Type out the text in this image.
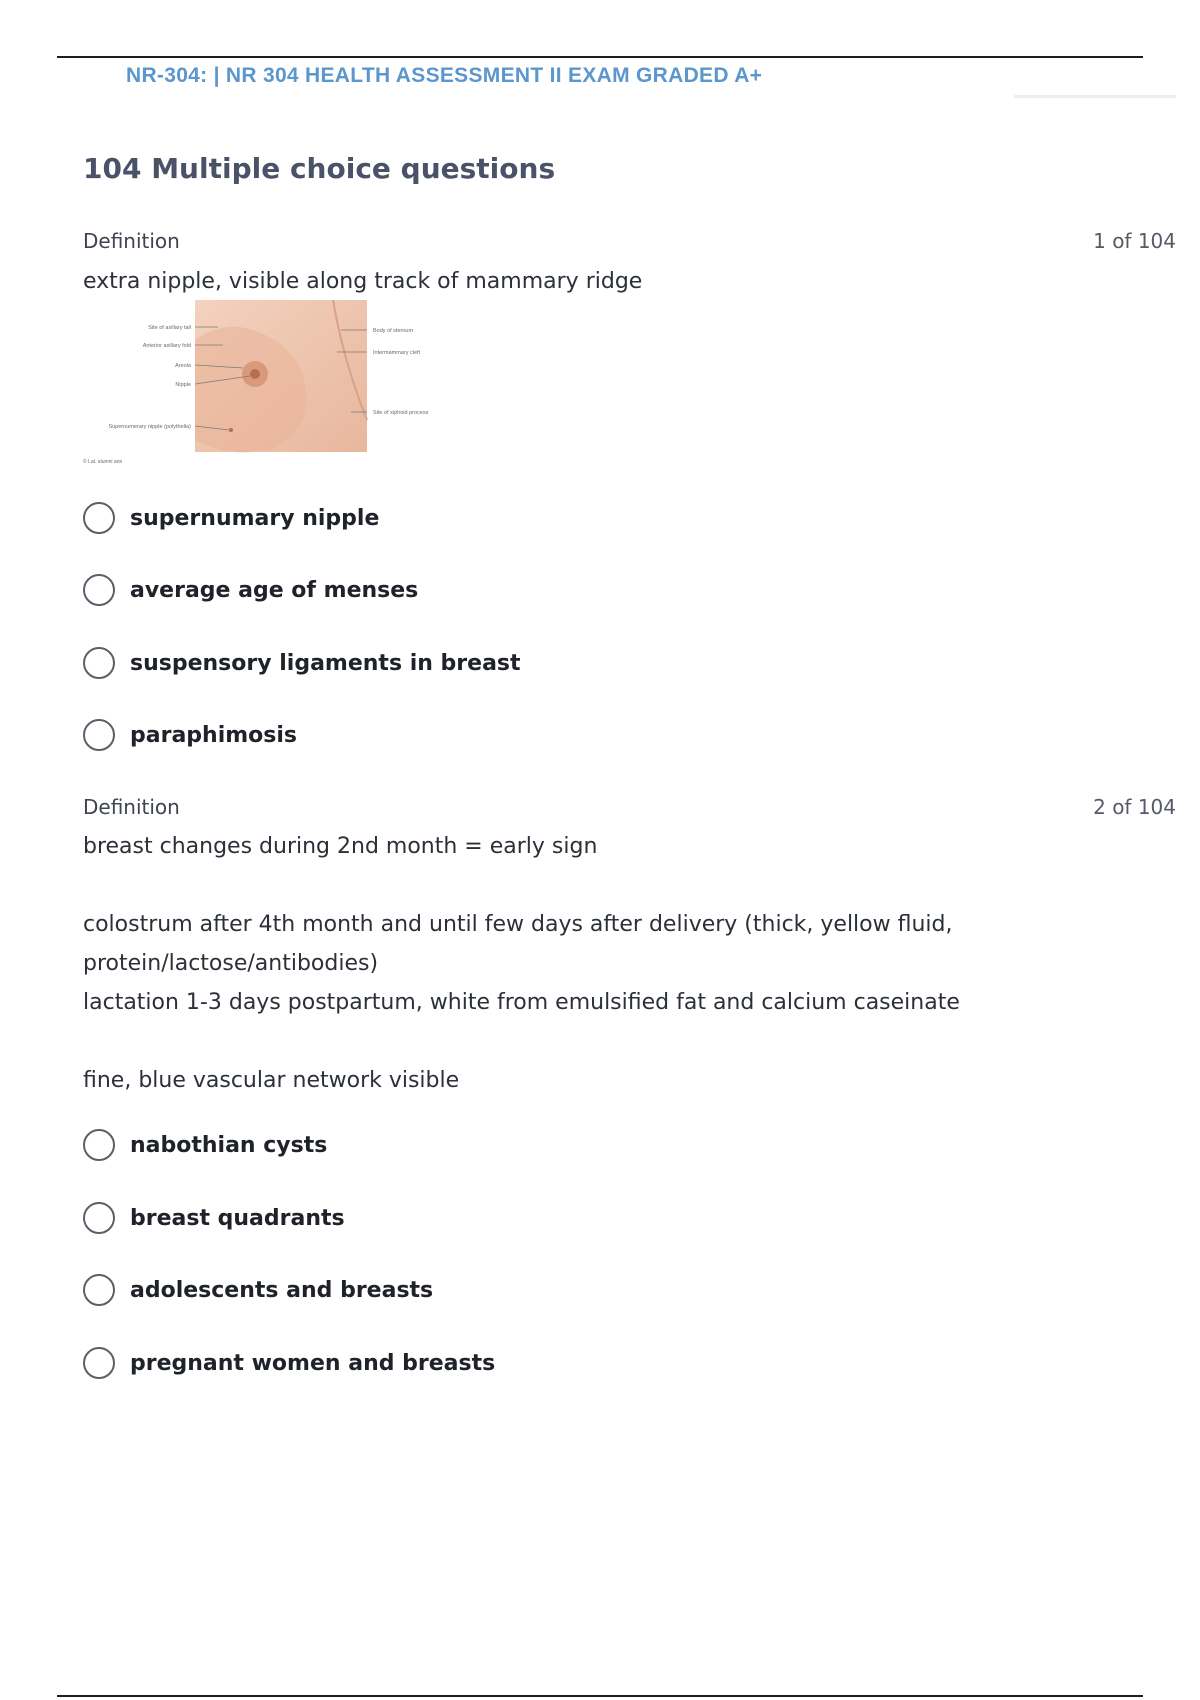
NR-304: | NR 304 HEALTH ASSESSMENT II EXAM GRADED A+
104 Multiple choice questions
Definition	1 of 104
extra nipple, visible along track of mammary ridge
Site of axillary tail
Anterior axillary fold
Areola
Nipple
Supernumerary nipple (polythelia)
Body of sternum
Intermammary cleft
Site of xiphoid process
© Lat. alumni ann
supernumary nipple
average age of menses
suspensory ligaments in breast
paraphimosis
Definition	2 of 104
breast changes during 2nd month = early sign
colostrum after 4th month and until few days after delivery (thick, yellow fluid,
protein/lactose/antibodies)
lactation 1-3 days postpartum, white from emulsified fat and calcium caseinate
fine, blue vascular network visible
nabothian cysts
breast quadrants
adolescents and breasts
pregnant women and breasts
